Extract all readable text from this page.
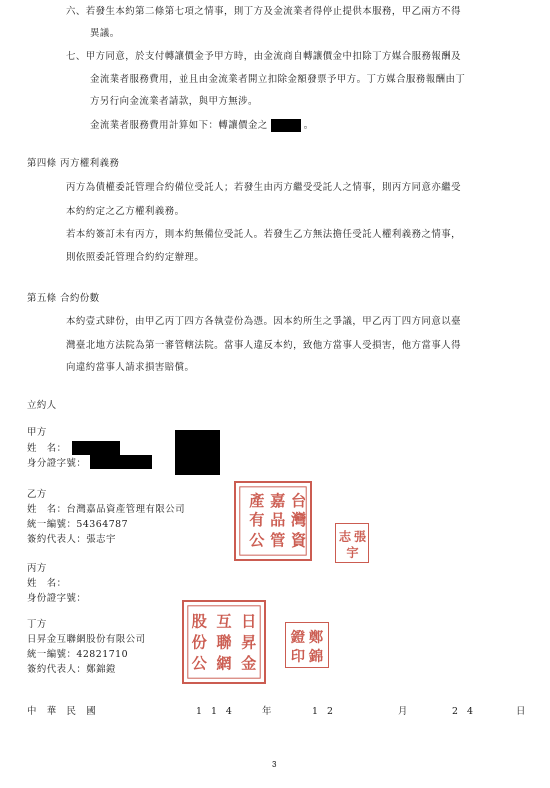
六、若發生本約第二條第七項之情事，則丁方及金流業者得停止提供本服務，甲乙兩方不得
異議。
七、甲方同意，於支付轉讓價金予甲方時，由金流商自轉讓價金中扣除丁方媒合服務報酬及
金流業者服務費用，並且由金流業者開立扣除金額發票予甲方。丁方媒合服務報酬由丁
方另行向金流業者請款，與甲方無涉。
金流業者服務費用計算如下：轉讓價金之	。
第四條 丙方權利義務
丙方為債權委託管理合約備位受託人；若發生由丙方繼受受託人之情事，則丙方同意亦繼受
本約約定之乙方權利義務。
若本約簽訂未有丙方，則本約無備位受託人。若發生乙方無法擔任受託人權利義務之情事，
則依照委託管理合約約定辦理。
第五條 合約份數
本約壹式肆份，由甲乙丙丁四方各執壹份為憑。因本約所生之爭議，甲乙丙丁四方同意以臺
灣臺北地方法院為第一審管轄法院。當事人違反本約，致他方當事人受損害，他方當事人得
向違約當事人請求損害賠償。
立約人
甲方
姓　名：
身分證字號：
乙方
姓　名：台灣嘉品資產管理有限公司
統一編號：54364787
簽約代表人：張志宇
台
嘉
產
灣
品
有
資
管
公	張
志
宇
丙方
姓　名：
身份證字號：
丁方
日昇金互聯網股份有限公司
統一編號：42821710
簽約代表人：鄭錦鐙
日
昇
金
互
聯
網
股
份
公
鄭
錦
鐙
印
中　華　民　國	1 1 4	年	1 2	月	2 4	日
3
